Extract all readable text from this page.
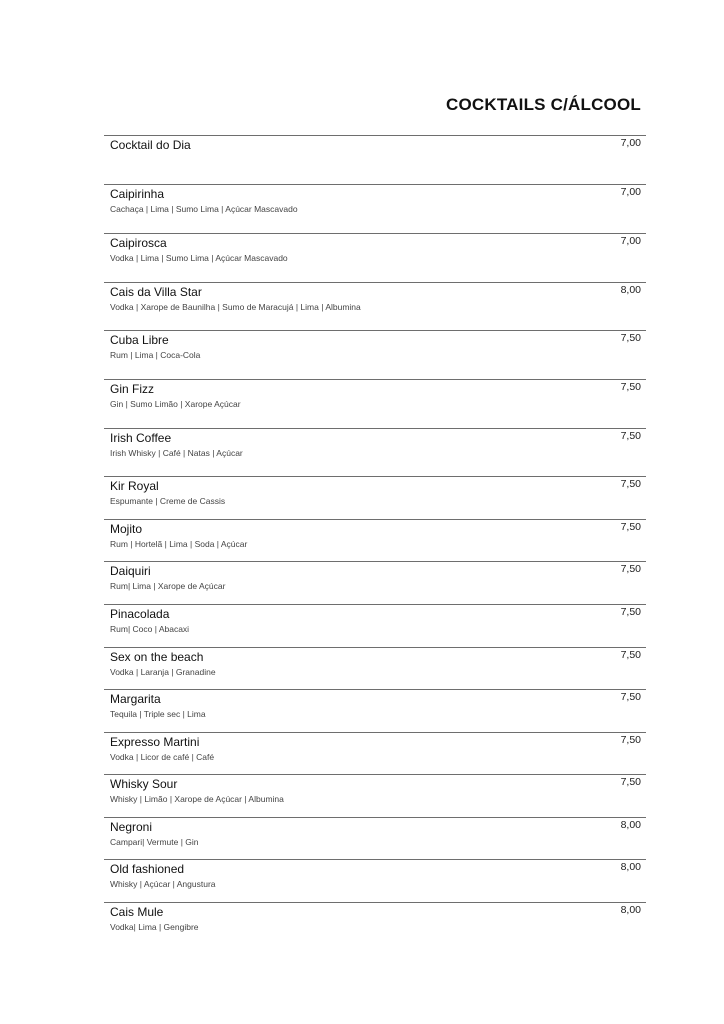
COCKTAILS C/ÁLCOOL
Cocktail do Dia	7,00
Caipirinha
Cachaça | Lima | Sumo Lima | Açúcar Mascavado
7,00
Caipirosca
Vodka | Lima | Sumo Lima | Açúcar Mascavado
7,00
Cais da Villa Star
Vodka | Xarope de Baunilha | Sumo de Maracujá | Lima | Albumina
8,00
Cuba Libre
Rum | Lima | Coca-Cola
7,50
Gin Fizz
Gin | Sumo Limão | Xarope Açúcar
7,50
Irish Coffee
Irish Whisky | Café | Natas | Açúcar
7,50
Kir Royal
Espumante | Creme de Cassis
7,50
Mojito
Rum | Hortelã | Lima | Soda | Açúcar
7,50
Daiquiri
Rum| Lima | Xarope de Açúcar
7,50
Pinacolada
Rum| Coco | Abacaxi
7,50
Sex on the beach
Vodka | Laranja | Granadine
7,50
Margarita
Tequila | Triple sec | Lima
7,50
Expresso Martini
Vodka | Licor de café | Café
7,50
Whisky Sour
Whisky | Limão | Xarope de Açúcar | Albumina
7,50
Negroni
Campari| Vermute | Gin
8,00
Old fashioned
Whisky | Açúcar | Angustura
8,00
Cais Mule
Vodka| Lima | Gengibre
8,00
